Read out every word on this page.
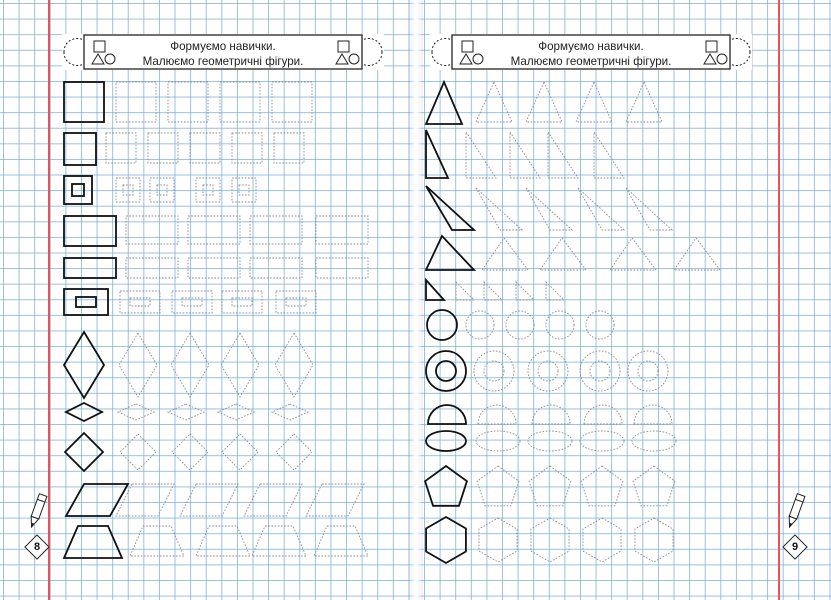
Формуємо навички.
Малюємо геометричні фігури.
Формуємо навички.
Малюємо геометричні фігури.
8	9
